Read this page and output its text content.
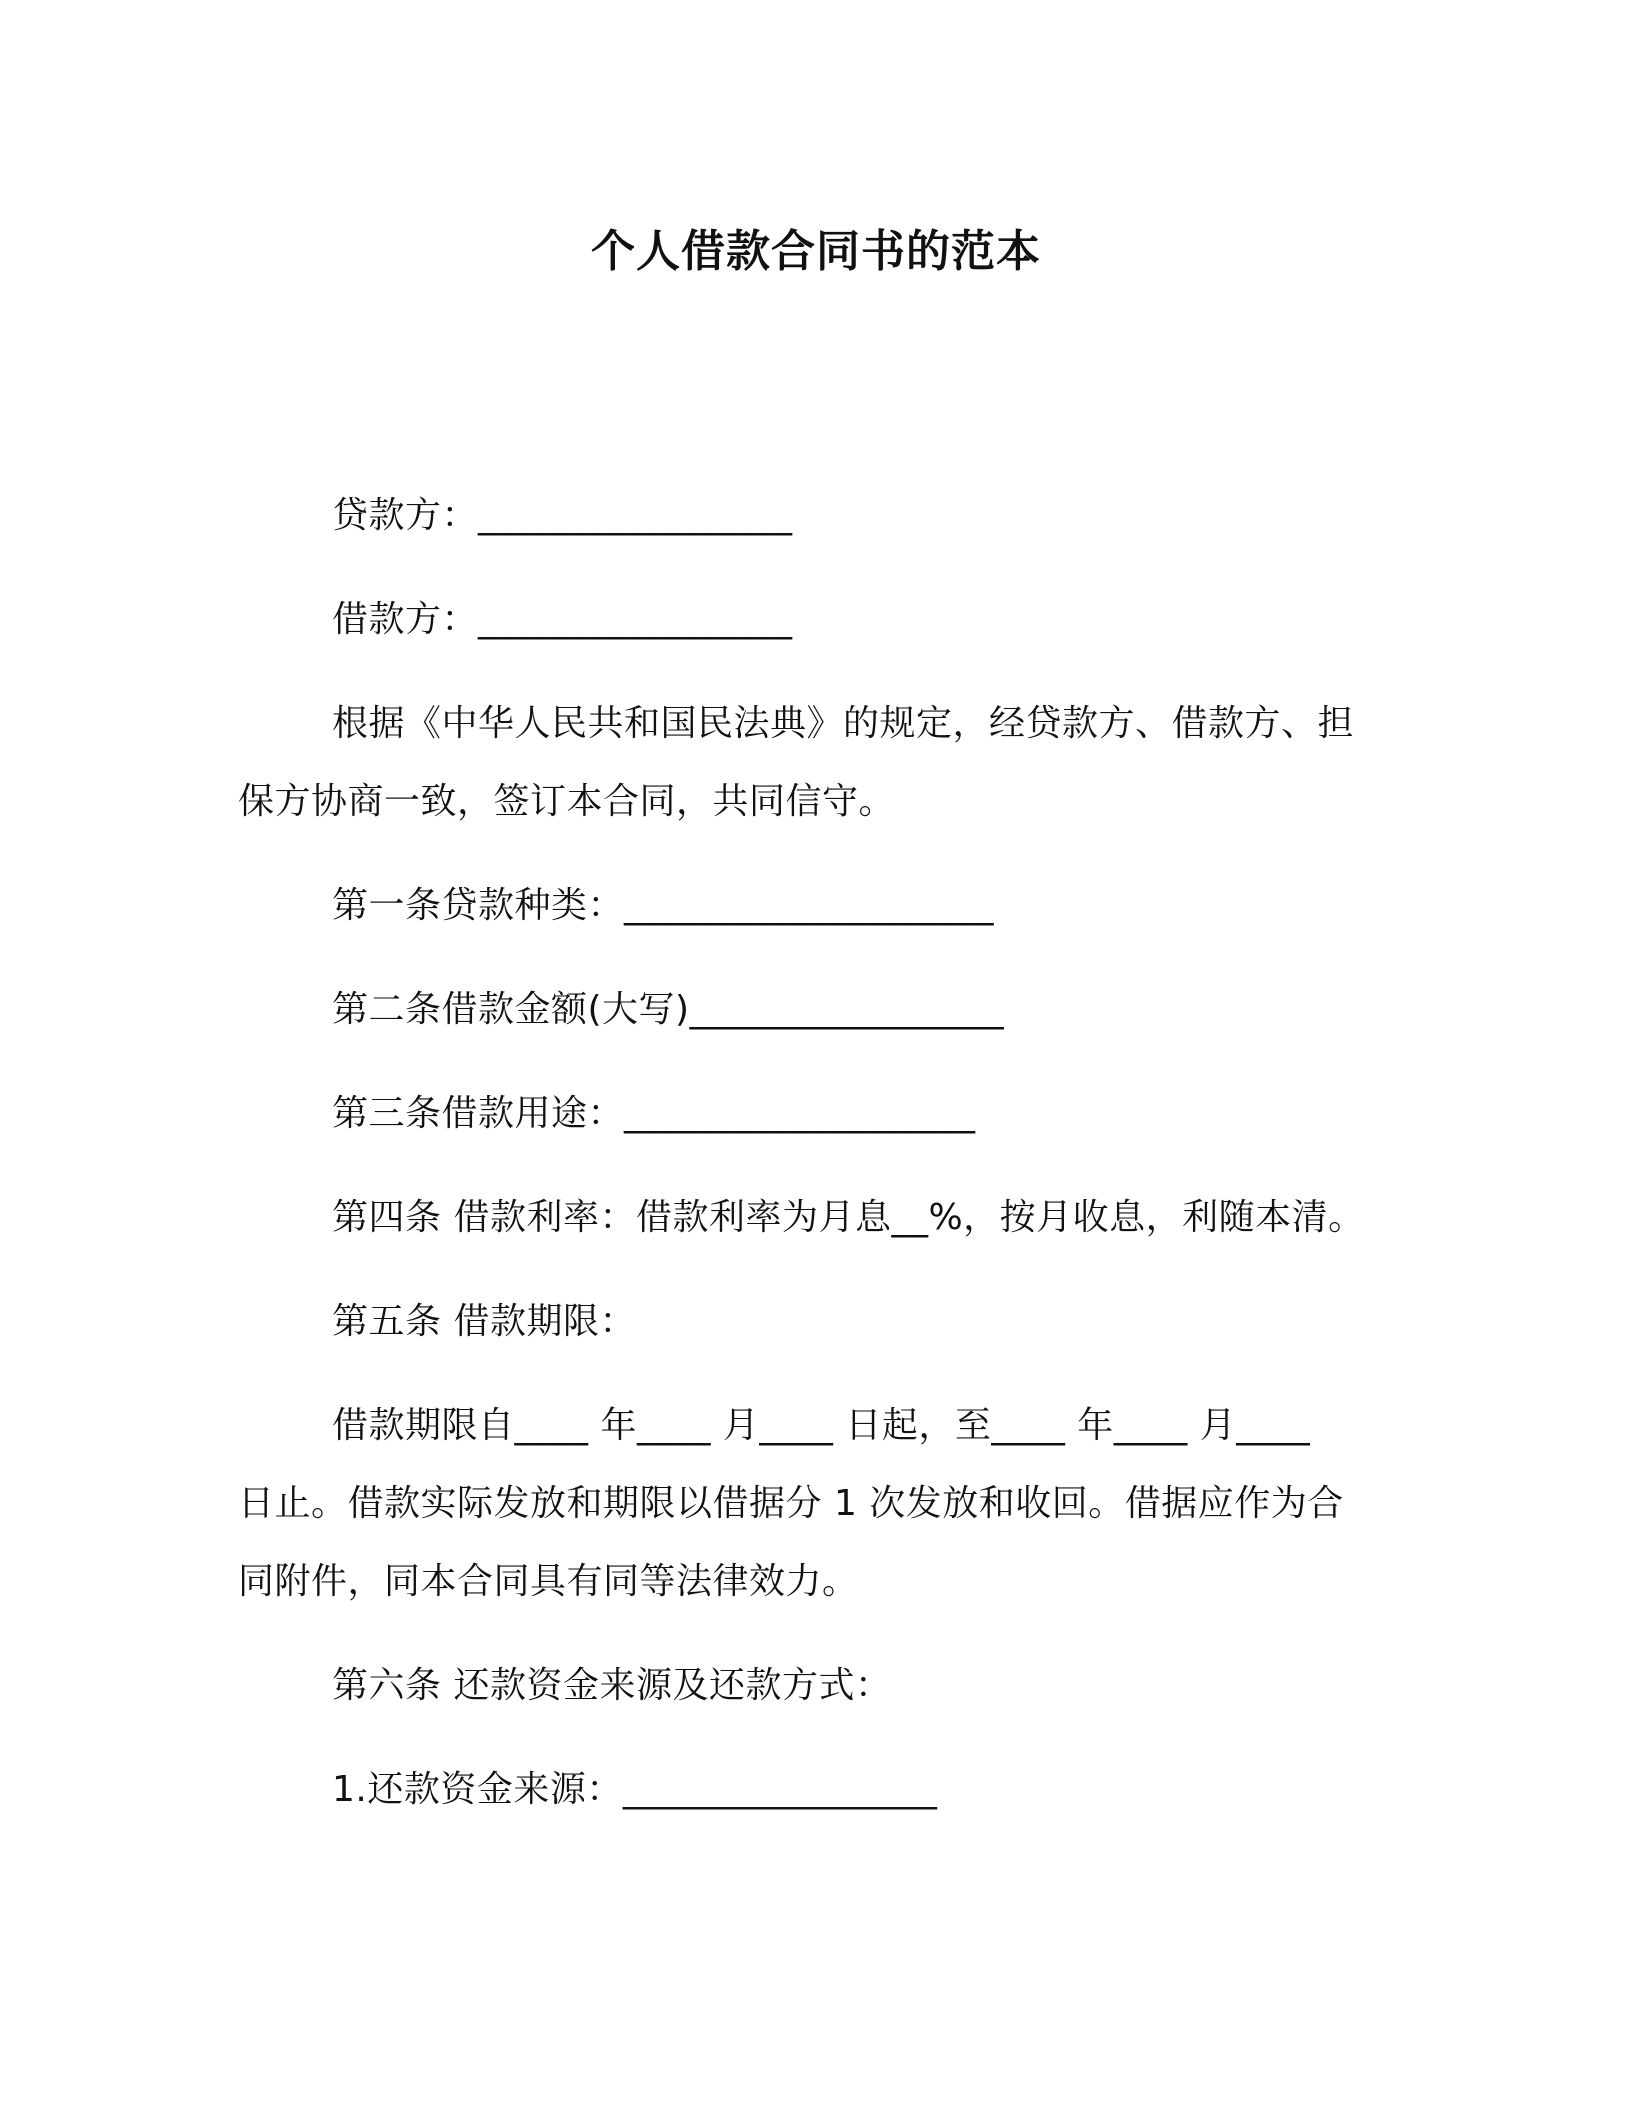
个人借款合同书的范本
贷款方：_________________
借款方：_________________
根据《中华人民共和国民法典》的规定，经贷款方、借款方、担
保方协商一致，签订本合同，共同信守。
第一条贷款种类：____________________
第二条借款金额(大写)_________________
第三条借款用途：___________________
第四条 借款利率：借款利率为月息__%，按月收息，利随本清。
第五条 借款期限：
借款期限自____ 年____ 月____ 日起，至____ 年____ 月____
日止。借款实际发放和期限以借据分 1 次发放和收回。借据应作为合
同附件，同本合同具有同等法律效力。
第六条 还款资金来源及还款方式：
1.还款资金来源：_________________
